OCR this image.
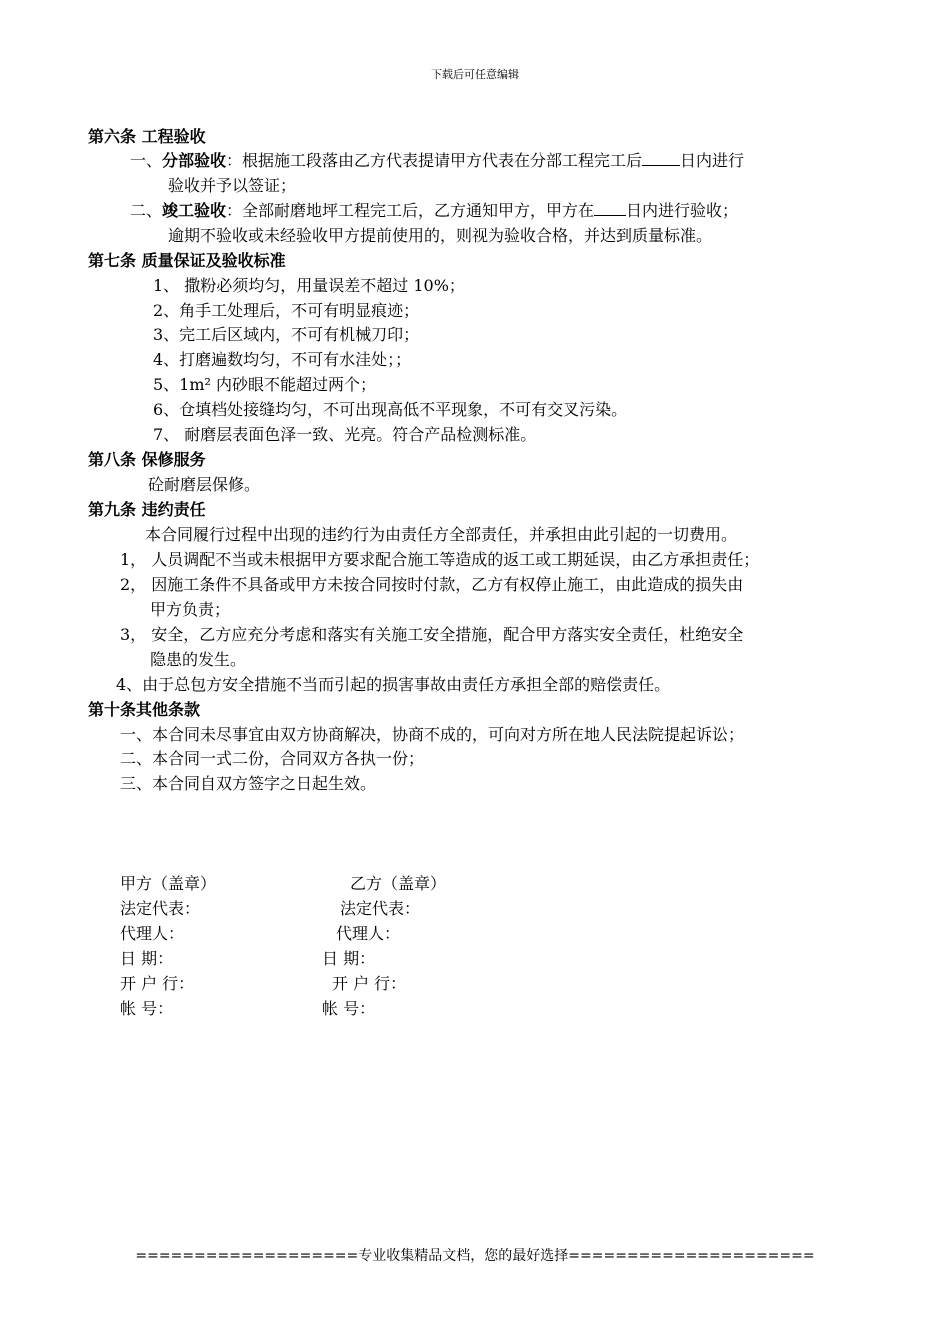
下载后可任意编辑
第六条 工程验收
一、分部验收：根据施工段落由乙方代表提请甲方代表在分部工程完工后 日内进行
验收并予以签证；
二、竣工验收：全部耐磨地坪工程完工后，乙方通知甲方，甲方在 日内进行验收；
逾期不验收或未经验收甲方提前使用的，则视为验收合格，并达到质量标准。
第七条 质量保证及验收标准
1、 撒粉必须均匀，用量误差不超过 10%；
2、角手工处理后，不可有明显痕迹；
3、完工后区域内，不可有机械刀印；
4、打磨遍数均匀，不可有水洼处；；
5、1m² 内砂眼不能超过两个；
6、仓填档处接缝均匀，不可出现高低不平现象，不可有交叉污染。
7、 耐磨层表面色泽一致、光亮。符合产品检测标准。
第八条 保修服务
砼耐磨层保修。
第九条 违约责任
本合同履行过程中出现的违约行为由责任方全部责任，并承担由此引起的一切费用。
1， 人员调配不当或未根据甲方要求配合施工等造成的返工或工期延误，由乙方承担责任；
2， 因施工条件不具备或甲方未按合同按时付款，乙方有权停止施工，由此造成的损失由
甲方负责；
3， 安全，乙方应充分考虑和落实有关施工安全措施，配合甲方落实安全责任，杜绝安全
隐患的发生。
4、由于总包方安全措施不当而引起的损害事故由责任方承担全部的赔偿责任。
第十条其他条款
一、本合同未尽事宜由双方协商解决，协商不成的，可向对方所在地人民法院提起诉讼；
二、本合同一式二份，合同双方各执一份；
三、本合同自双方签字之日起生效。
甲方（盖章）
法定代表：
代理人：
日 期：
开 户 行：
帐 号：
乙方（盖章）
法定代表：
代理人：
日 期：
开 户 行：
帐 号：
===================专业收集精品文档，您的最好选择=====================
